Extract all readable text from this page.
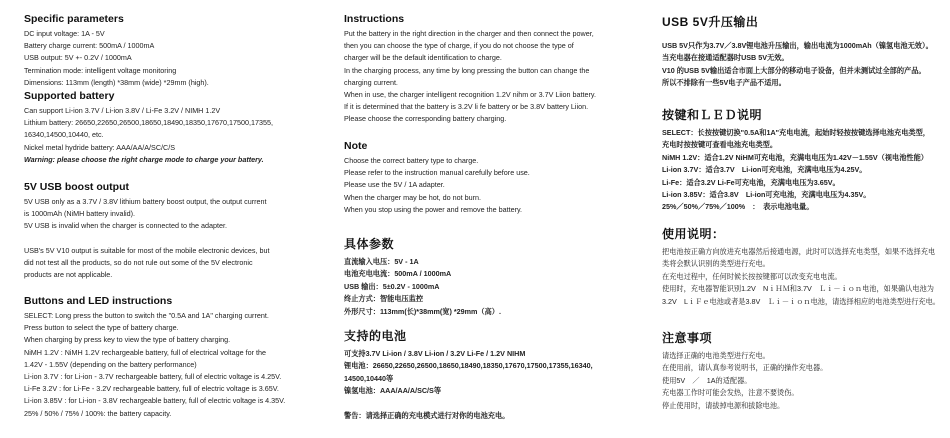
Specific parameters
DC input voltage: 1A - 5V
Battery charge current: 500mA / 1000mA
USB output: 5V +- 0.2V / 1000mA
Termination mode: intelligent voltage monitoring
Dimensions: 113mm (length) *38mm (wide) *29mm (high).
Supported battery
Can support Li-ion 3.7V / Li-ion 3.8V / Li-Fe 3.2V / NIMH 1.2V
Lithium battery: 26650,22650,26500,18650,18490,18350,17670,17500,17355,
16340,14500,10440, etc.
Nickel metal hydride battery: AAA/AA/A/SC/C/S
Warning: please choose the right charge mode to charge your battery.
5V USB boost output
5V USB only as a 3.7V / 3.8V lithium battery boost output, the output current
is 1000mAh (NiMH battery invalid).
5V USB is invalid when the charger is connected to the adapter.
USB's 5V V10 output is suitable for most of the mobile electronic devices, but
did not test all the products, so do not rule out some of the 5V electronic
products are not applicable.
Buttons and LED instructions
SELECT: Long press the button to switch the "0.5A and 1A" charging current.
Press button to select the type of battery charge.
When charging by press key to view the type of battery charging.
NiMH 1.2V : NiMH 1.2V rechargeable battery, full of electrical voltage for the
1.42V - 1.55V (depending on the battery performance)
Li-ion 3.7V : for Li-ion - 3.7V rechargeable battery, full of electric voltage is 4.25V.
Li-Fe 3.2V : for Li-Fe - 3.2V rechargeable battery, full of electric voltage is 3.65V.
Li-ion 3.85V : for Li-ion - 3.8V rechargeable battery, full of electric voltage is 4.35V.
25% / 50% / 75% / 100%: the battery capacity.
Instructions
Put the battery in the right direction in the charger and then connect the power,
then you can choose the type of charge, if you do not choose the type of
charger will be the default identification to charge.
In the charging process, any time by long pressing the button can change the
charging current.
When in use, the charger intelligent recognition 1.2V nihm or 3.7V Liion battery.
If it is determined that the battery is 3.2V li fe battery or be 3.8V battery Liion.
Please choose the corresponding battery charging.
Note
Choose the correct battery type to charge.
Please refer to the instruction manual carefully before use.
Please use the 5V / 1A adapter.
When the charger may be hot, do not burn.
When you stop using the power and remove the battery.
具体参数
直流输入电压：5V - 1A
电池充电电流：500mA / 1000mA
USB 输出：5±0.2V - 1000mA
终止方式：智能电压监控
外形尺寸：113mm(长)*38mm(宽) *29mm（高）.
支持的电池
可支持3.7V Li-ion / 3.8V Li-ion / 3.2V Li-Fe / 1.2V NIHM
锂电池：26650,22650,26500,18650,18490,18350,17670,17500,17355,16340,
14500,10440等
镍氢电池：AAA/AA/A/SC/S等
警告：请选择正确的充电模式进行对你的电池充电。
USB 5V升压输出
USB 5V只作为3.7V／3.8V锂电池升压输出，输出电流为1000mAh（镍氢电池无效）。
当充电器在接通适配器时USB 5V无效。
V10 的USB 5V输出适合市面上大部分的移动电子设备，但并未测试过全部的产品。
所以不排除有一些5V电子产品不适用。
按键和ＬＥＤ说明
SELECT：长按按键切换"0.5A和1A"充电电流，起始时轻按按键选择电池充电类型，
充电时按按键可查看电池充电类型。
NiMH 1.2V：适合1.2V NiHM可充电池，充满电电压为1.42V－1.55V（视电池性能）
Li-ion 3.7V：适合3.7V　Li-ion可充电池，充满电电压为4.25V。
Li-Fe：适合3.2V Li-Fe可充电池，充满电电压为3.65V。
Li-ion 3.85V：适合3.8V　Li-ion可充电池，充满电电压为4.35V。
25%／50%／75%／100%　：　表示电池电量。
使用说明：
把电池按正确方向放进充电器然后接通电源，此时可以选择充电类型，如果不选择充电
类将会默认识别的类型进行充电。
在充电过程中，任何时候长按按键都可以改变充电电流。
使用时，充电器智能识别1.2V　NｉＨＭ和3.7V　Ｌｉ－ｉｏｎ电池，如果确认电池为
3.2V　LｉＦｅ电池或者是3.8V　Ｌｉ－ｉｏｎ电池，请选择相应的电池类型进行充电。
注意事项
请选择正确的电池类型进行充电。
在使用前，请认真参考说明书，正确的操作充电器。
使用5V　／　1A的适配器。
充电器工作时可能会发热，注意不要烫伤。
停止使用时，请拔掉电源和拔除电池。
